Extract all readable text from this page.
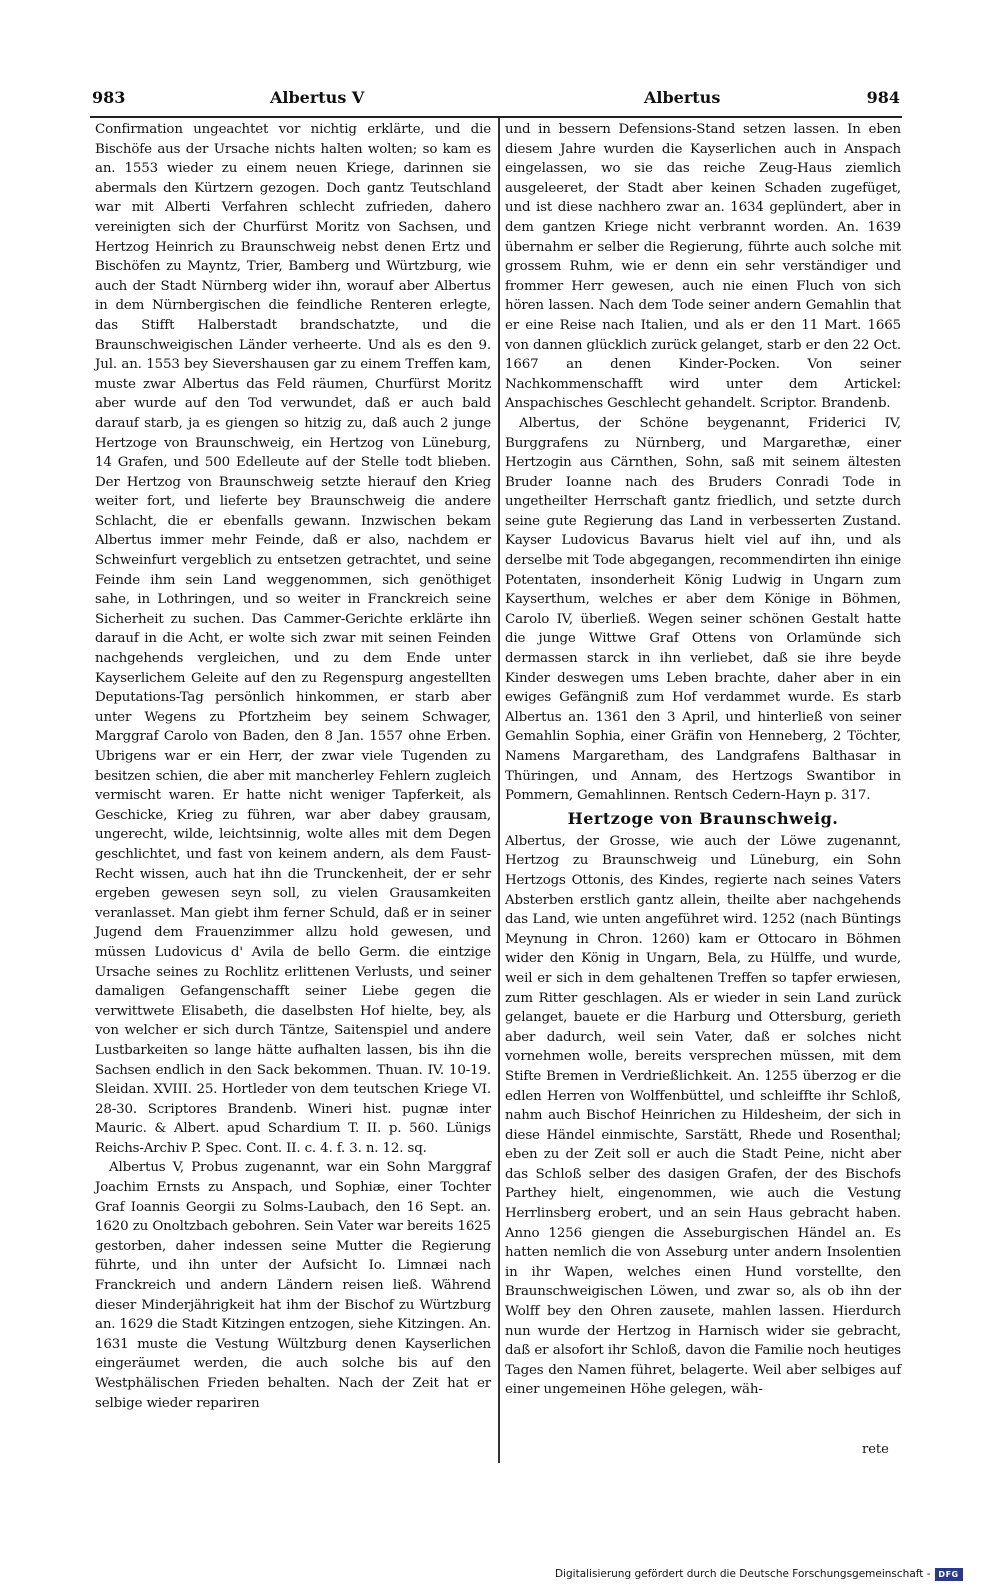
983	Albertus V	Albertus	984

Confirmation ungeachtet vor nichtig erklärte, und die Bischöfe aus der Ursache nichts halten wolten; so kam es an. 1553 wieder zu einem neuen Kriege, darinnen sie abermals den Kürtzern gezogen. Doch gantz Teutschland war mit Alberti Verfahren schlecht zufrieden, dahero vereinigten sich der Churfürst Moritz von Sachsen, und Hertzog Heinrich zu Braunschweig nebst denen Ertz und Bischöfen zu Mayntz, Trier, Bamberg und Würtzburg, wie auch der Stadt Nürnberg wider ihn, worauf aber Albertus in dem Nürnbergischen die feindliche Renteren erlegte, das Stifft Halberstadt brandschatzte, und die Braunschweigischen Länder verheerte. Und als es den 9. Jul. an. 1553 bey Sievershausen gar zu einem Treffen kam, muste zwar Albertus das Feld räumen, Churfürst Moritz aber wurde auf den Tod verwundet, daß er auch bald darauf starb, ja es giengen so hitzig zu, daß auch 2 junge Hertzoge von Braunschweig, ein Hertzog von Lüneburg, 14 Grafen, und 500 Edelleute auf der Stelle todt blieben. Der Hertzog von Braunschweig setzte hierauf den Krieg weiter fort, und lieferte bey Braunschweig die andere Schlacht, die er ebenfalls gewann. Inzwischen bekam Albertus immer mehr Feinde, daß er also, nachdem er Schweinfurt vergeblich zu entsetzen getrachtet, und seine Feinde ihm sein Land weggenommen, sich genöthiget sahe, in Lothringen, und so weiter in Franckreich seine Sicherheit zu suchen. Das Cammer-Gerichte erklärte ihn darauf in die Acht, er wolte sich zwar mit seinen Feinden nachgehends vergleichen, und zu dem Ende unter Kayserlichem Geleite auf den zu Regenspurg angestellten Deputations-Tag persönlich hinkommen, er starb aber unter Wegens zu Pfortzheim bey seinem Schwager, Marggraf Carolo von Baden, den 8 Jan. 1557 ohne Erben. Ubrigens war er ein Herr, der zwar viele Tugenden zu besitzen schien, die aber mit mancherley Fehlern zugleich vermischt waren. Er hatte nicht weniger Tapferkeit, als Geschicke, Krieg zu führen, war aber dabey grausam, ungerecht, wilde, leichtsinnig, wolte alles mit dem Degen geschlichtet, und fast von keinem andern, als dem Faust-Recht wissen, auch hat ihn die Trunckenheit, der er sehr ergeben gewesen seyn soll, zu vielen Grausamkeiten veranlasset. Man giebt ihm ferner Schuld, daß er in seiner Jugend dem Frauenzimmer allzu hold gewesen, und müssen Ludovicus d' Avila de bello Germ. die eintzige Ursache seines zu Rochlitz erlittenen Verlusts, und seiner damaligen Gefangenschafft seiner Liebe gegen die verwittwete Elisabeth, die daselbsten Hof hielte, bey, als von welcher er sich durch Täntze, Saitenspiel und andere Lustbarkeiten so lange hätte aufhalten lassen, bis ihn die Sachsen endlich in den Sack bekommen. Thuan. IV. 10-19. Sleidan. XVIII. 25. Hortleder von dem teutschen Kriege VI. 28-30. Scriptores Brandenb. Wineri hist. pugnæ inter Mauric. & Albert. apud Schardium T. II. p. 560. Lünigs Reichs-Archiv P. Spec. Cont. II. c. 4. f. 3. n. 12. sq.

Albertus V, Probus zugenannt, war ein Sohn Marggraf Joachim Ernsts zu Anspach, und Sophiæ, einer Tochter Graf Ioannis Georgii zu Solms-Laubach, den 16 Sept. an. 1620 zu Onoltzbach gebohren. Sein Vater war bereits 1625 gestorben, daher indessen seine Mutter die Regierung führte, und ihn unter der Aufsicht Io. Limnæi nach Franckreich und andern Ländern reisen ließ. Während dieser Minderjährigkeit hat ihm der Bischof zu Würtzburg an. 1629 die Stadt Kitzingen entzogen, siehe Kitzingen. An. 1631 muste die Vestung Wültzburg denen Kayserlichen eingeräumet werden, die auch solche bis auf den Westphälischen Frieden behalten. Nach der Zeit hat er selbige wieder repariren

und in bessern Defensions-Stand setzen lassen. In eben diesem Jahre wurden die Kayserlichen auch in Anspach eingelassen, wo sie das reiche Zeug-Haus ziemlich ausgeleeret, der Stadt aber keinen Schaden zugefüget, und ist diese nachhero zwar an. 1634 geplündert, aber in dem gantzen Kriege nicht verbrannt worden. An. 1639 übernahm er selber die Regierung, führte auch solche mit grossem Ruhm, wie er denn ein sehr verständiger und frommer Herr gewesen, auch nie einen Fluch von sich hören lassen. Nach dem Tode seiner andern Gemahlin that er eine Reise nach Italien, und als er den 11 Mart. 1665 von dannen glücklich zurück gelanget, starb er den 22 Oct. 1667 an denen Kinder-Pocken. Von seiner Nachkommenschafft wird unter dem Artickel: Anspachisches Geschlecht gehandelt. Scriptor. Brandenb.

Albertus, der Schöne beygenannt, Friderici IV, Burggrafens zu Nürnberg, und Margarethæ, einer Hertzogin aus Cärnthen, Sohn, saß mit seinem ältesten Bruder Ioanne nach des Bruders Conradi Tode in ungetheilter Herrschaft gantz friedlich, und setzte durch seine gute Regierung das Land in verbesserten Zustand. Kayser Ludovicus Bavarus hielt viel auf ihn, und als derselbe mit Tode abgegangen, recommendirten ihn einige Potentaten, insonderheit König Ludwig in Ungarn zum Kayserthum, welches er aber dem Könige in Böhmen, Carolo IV, überließ. Wegen seiner schönen Gestalt hatte die junge Wittwe Graf Ottens von Orlamünde sich dermassen starck in ihn verliebet, daß sie ihre beyde Kinder deswegen ums Leben brachte, daher aber in ein ewiges Gefängniß zum Hof verdammet wurde. Es starb Albertus an. 1361 den 3 April, und hinterließ von seiner Gemahlin Sophia, einer Gräfin von Henneberg, 2 Töchter, Namens Margaretham, des Landgrafens Balthasar in Thüringen, und Annam, des Hertzogs Swantibor in Pommern, Gemahlinnen. Rentsch Cedern-Hayn p. 317.

Hertzoge von Braunschweig.

Albertus, der Grosse, wie auch der Löwe zugenannt, Hertzog zu Braunschweig und Lüneburg, ein Sohn Hertzogs Ottonis, des Kindes, regierte nach seines Vaters Absterben erstlich gantz allein, theilte aber nachgehends das Land, wie unten angeführet wird. 1252 (nach Büntings Meynung in Chron. 1260) kam er Ottocaro in Böhmen wider den König in Ungarn, Bela, zu Hülffe, und wurde, weil er sich in dem gehaltenen Treffen so tapfer erwiesen, zum Ritter geschlagen. Als er wieder in sein Land zurück gelanget, bauete er die Harburg und Ottersburg, gerieth aber dadurch, weil sein Vater, daß er solches nicht vornehmen wolle, bereits versprechen müssen, mit dem Stifte Bremen in Verdrießlichkeit. An. 1255 überzog er die edlen Herren von Wolffenbüttel, und schleiffte ihr Schloß, nahm auch Bischof Heinrichen zu Hildesheim, der sich in diese Händel einmischte, Sarstätt, Rhede und Rosenthal; eben zu der Zeit soll er auch die Stadt Peine, nicht aber das Schloß selber des dasigen Grafen, der des Bischofs Parthey hielt, eingenommen, wie auch die Vestung Herrlinsberg erobert, und an sein Haus gebracht haben. Anno 1256 giengen die Asseburgischen Händel an. Es hatten nemlich die von Asseburg unter andern Insolentien in ihr Wapen, welches einen Hund vorstellte, den Braunschweigischen Löwen, und zwar so, als ob ihn der Wolff bey den Ohren zausete, mahlen lassen. Hierdurch nun wurde der Hertzog in Harnisch wider sie gebracht, daß er alsofort ihr Schloß, davon die Familie noch heutiges Tages den Namen führet, belagerte. Weil aber selbiges auf einer ungemeinen Höhe gelegen, wäh-

rete
Digitalisierung gefördert durch die Deutsche Forschungsgemeinschaft - DFG
